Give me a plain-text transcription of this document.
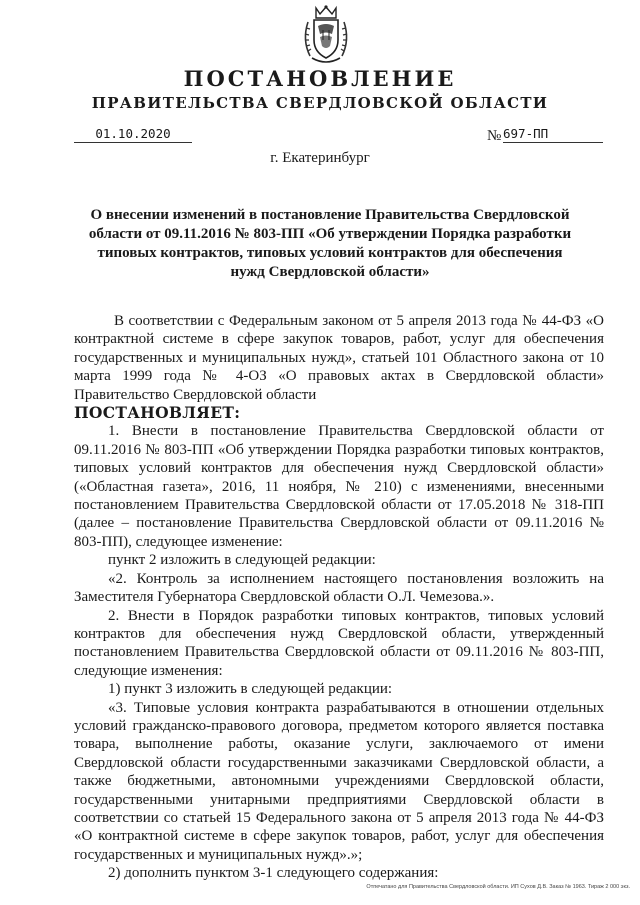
ПОСТАНОВЛЕНИЕ
ПРАВИТЕЛЬСТВА СВЕРДЛОВСКОЙ ОБЛАСТИ
01.10.2020	№ 697-ПП
г. Екатеринбург
О внесении изменений в постановление Правительства Свердловской области от 09.11.2016 № 803-ПП «Об утверждении Порядка разработки типовых контрактов, типовых условий контрактов для обеспечения нужд Свердловской области»

В соответствии с Федеральным законом от 5 апреля 2013 года № 44-ФЗ «О контрактной системе в сфере закупок товаров, работ, услуг для обеспечения государственных и муниципальных нужд», статьей 101 Областного закона от 10 марта 1999 года № 4-ОЗ «О правовых актах в Свердловской области» Правительство Свердловской области

ПОСТАНОВЛЯЕТ:

1. Внести в постановление Правительства Свердловской области от 09.11.2016 № 803-ПП «Об утверждении Порядка разработки типовых контрактов, типовых условий контрактов для обеспечения нужд Свердловской области» («Областная газета», 2016, 11 ноября, № 210) с изменениями, внесенными постановлением Правительства Свердловской области от 17.05.2018 № 318-ПП (далее – постановление Правительства Свердловской области от 09.11.2016 № 803-ПП), следующее изменение:

пункт 2 изложить в следующей редакции:

«2. Контроль за исполнением настоящего постановления возложить на Заместителя Губернатора Свердловской области О.Л. Чемезова.».

2. Внести в Порядок разработки типовых контрактов, типовых условий контрактов для обеспечения нужд Свердловской области, утвержденный постановлением Правительства Свердловской области от 09.11.2016 № 803-ПП, следующие изменения:

1) пункт 3 изложить в следующей редакции:

«3. Типовые условия контракта разрабатываются в отношении отдельных условий гражданско-правового договора, предметом которого является поставка товара, выполнение работы, оказание услуги, заключаемого от имени Свердловской области государственными заказчиками Свердловской области, а также бюджетными, автономными учреждениями Свердловской области, государственными унитарными предприятиями Свердловской области в соответствии со статьей 15 Федерального закона от 5 апреля 2013 года № 44-ФЗ «О контрактной системе в сфере закупок товаров, работ, услуг для обеспечения государственных и муниципальных нужд».»;

2) дополнить пунктом 3-1 следующего содержания:

Отпечатано для Правительства Свердловской области. ИП Сухов Д.В. Заказ № 1963. Тираж 2 000 экз.
